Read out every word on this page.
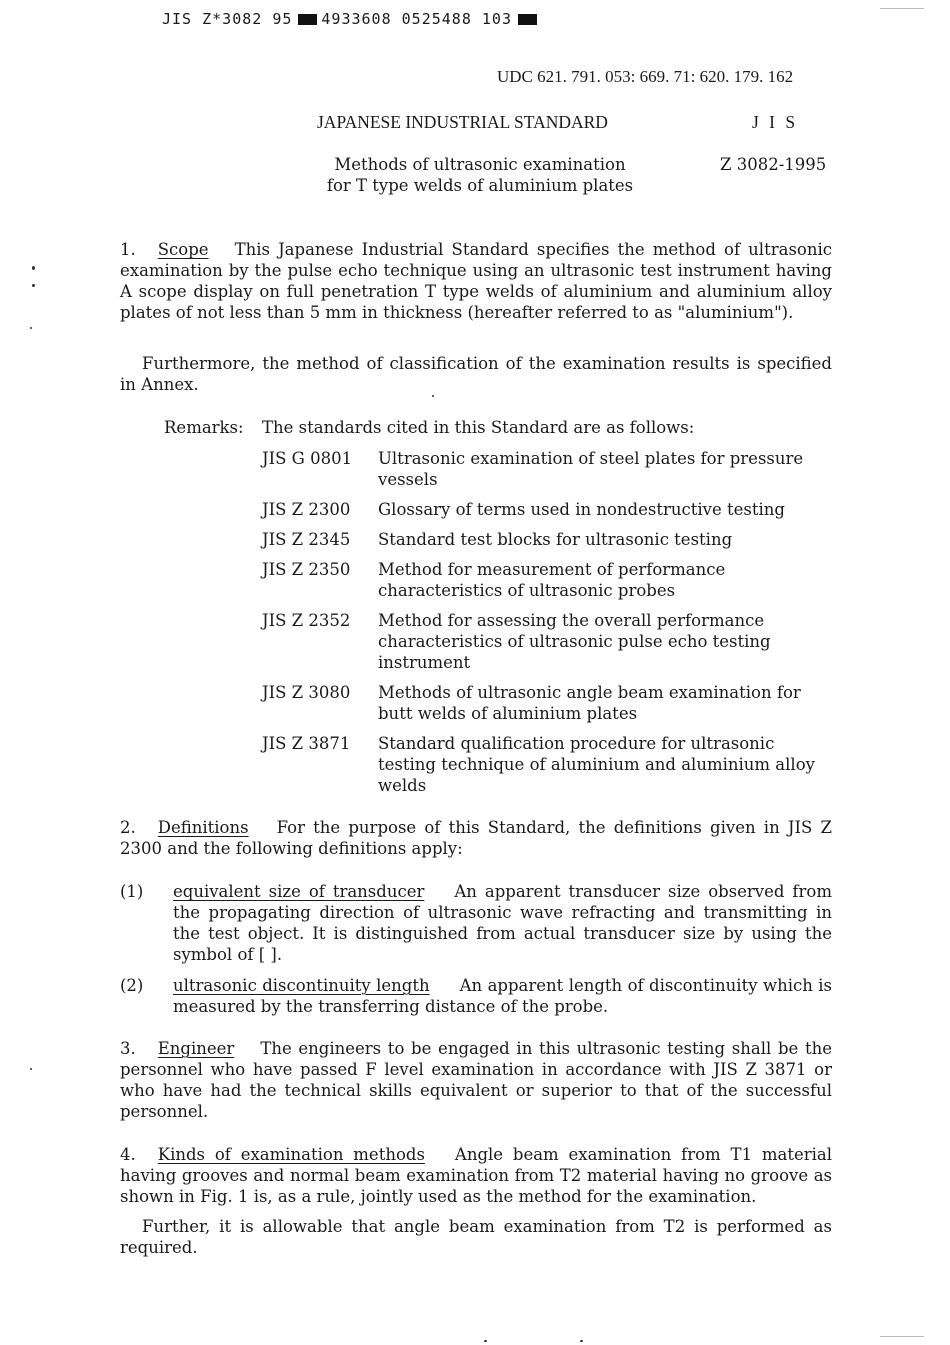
JIS Z*3082 95 4933608 0525488 103
UDC 621. 791. 053: 669. 71: 620. 179. 162
JAPANESE INDUSTRIAL STANDARD	J I S
Methods of ultrasonic examination
for T type welds of aluminium plates
Z 3082-1995
1. Scope This Japanese Industrial Standard specifies the method of ultrasonic examination by the pulse echo technique using an ultrasonic test instrument having A scope display on full penetration T type welds of aluminium and aluminium alloy plates of not less than 5 mm in thickness (hereafter referred to as "aluminium").
Furthermore, the method of classification of the examination results is specified in Annex.
Remarks: The standards cited in this Standard are as follows:
JIS G 0801	Ultrasonic examination of steel plates for pressure vessels
JIS Z 2300	Glossary of terms used in nondestructive testing
JIS Z 2345	Standard test blocks for ultrasonic testing
JIS Z 2350	Method for measurement of performance characteristics of ultrasonic probes
JIS Z 2352	Method for assessing the overall performance characteristics of ultrasonic pulse echo testing instrument
JIS Z 3080	Methods of ultrasonic angle beam examination for butt welds of aluminium plates
JIS Z 3871	Standard qualification procedure for ultrasonic testing technique of aluminium and aluminium alloy welds
2. Definitions For the purpose of this Standard, the definitions given in JIS Z 2300 and the following definitions apply:
(1) equivalent size of transducer An apparent transducer size observed from the propagating direction of ultrasonic wave refracting and transmitting in the test object. It is distinguished from actual transducer size by using the symbol of [ ].
(2) ultrasonic discontinuity length An apparent length of discontinuity which is measured by the transferring distance of the probe.
3. Engineer The engineers to be engaged in this ultrasonic testing shall be the personnel who have passed F level examination in accordance with JIS Z 3871 or who have had the technical skills equivalent or superior to that of the successful personnel.
4. Kinds of examination methods Angle beam examination from T1 material having grooves and normal beam examination from T2 material having no groove as shown in Fig. 1 is, as a rule, jointly used as the method for the examination.
Further, it is allowable that angle beam examination from T2 is performed as required.
